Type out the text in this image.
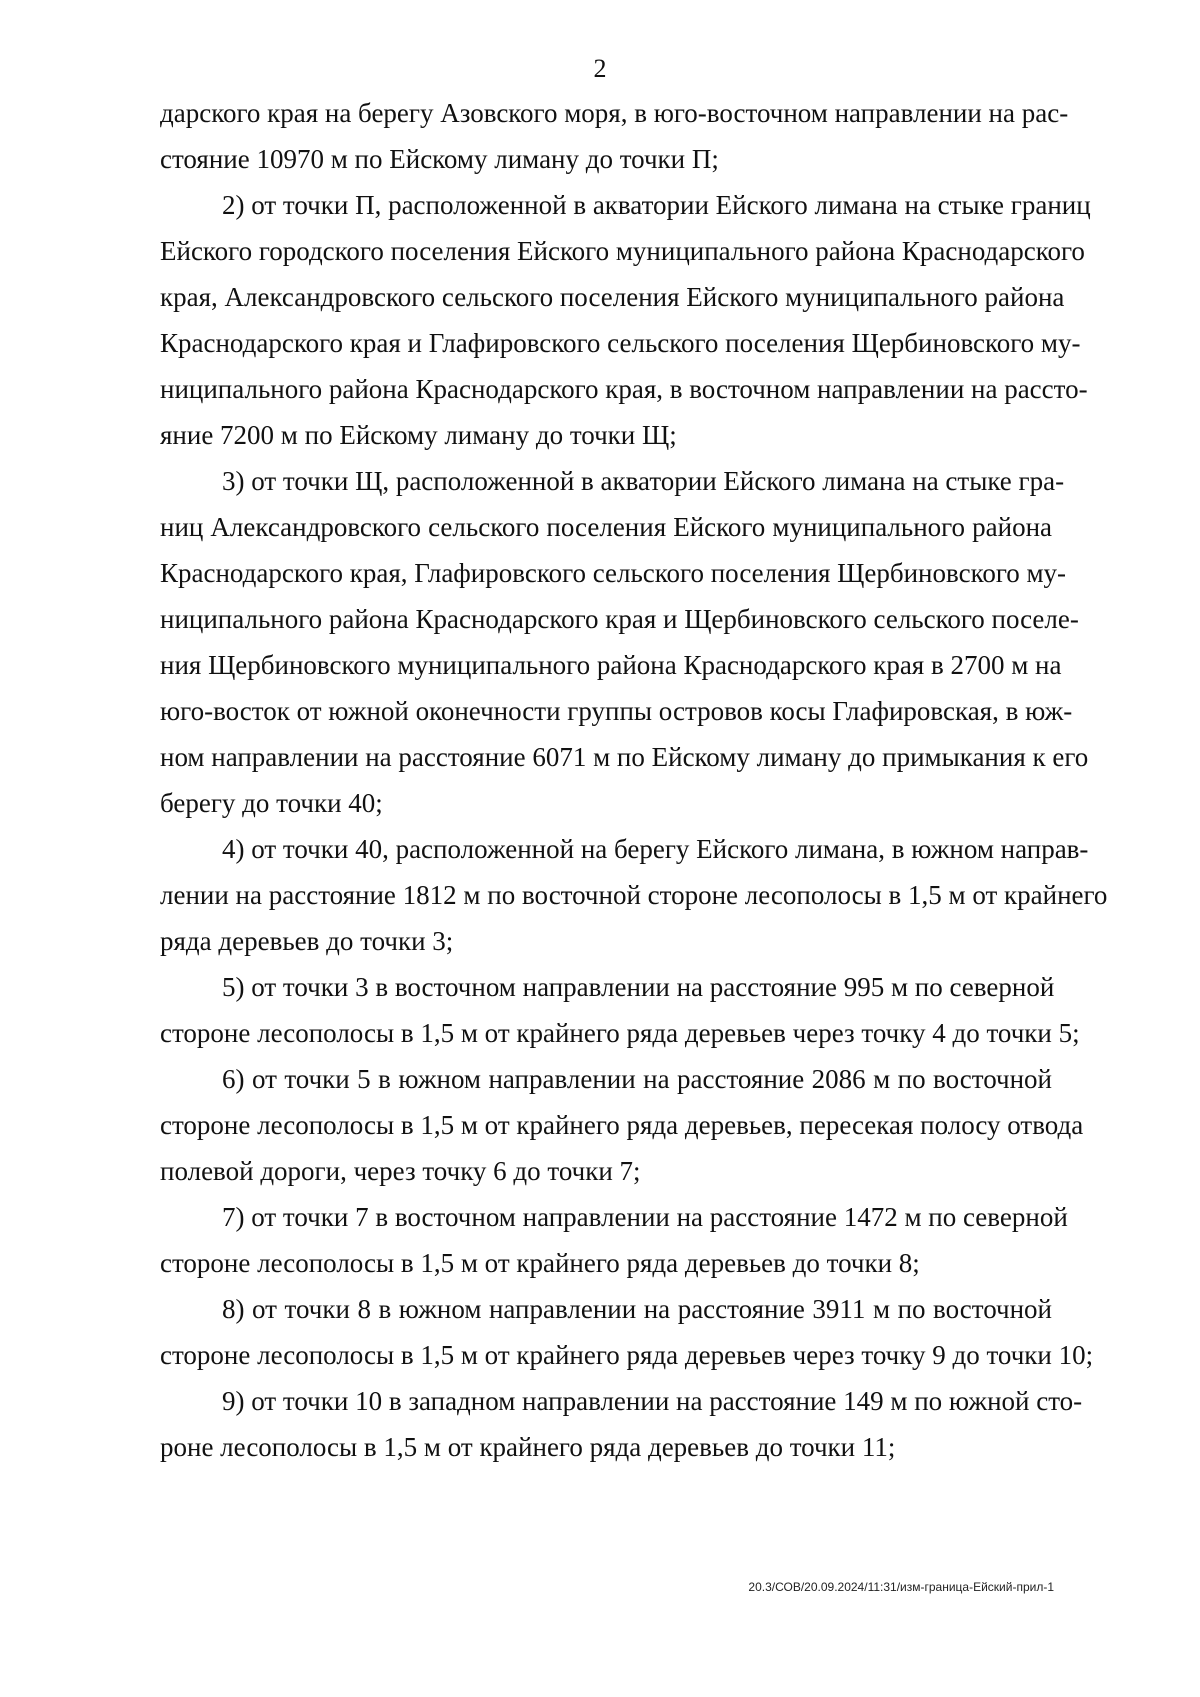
2
дарского края на берегу Азовского моря, в юго-восточном направлении на рас-
стояние 10970 м по Ейскому лиману до точки П;
2) от точки П, расположенной в акватории Ейского лимана на стыке границ
Ейского городского поселения Ейского муниципального района Краснодарского
края, Александровского сельского поселения Ейского муниципального района
Краснодарского края и Глафировского сельского поселения Щербиновского му-
ниципального района Краснодарского края, в восточном направлении на рассто-
яние 7200 м по Ейскому лиману до точки Щ;
3) от точки Щ, расположенной в акватории Ейского лимана на стыке гра-
ниц Александровского сельского поселения Ейского муниципального района
Краснодарского края, Глафировского сельского поселения Щербиновского му-
ниципального района Краснодарского края и Щербиновского сельского поселе-
ния Щербиновского муниципального района Краснодарского края в 2700 м на
юго-восток от южной оконечности группы островов косы Глафировская, в юж-
ном направлении на расстояние 6071 м по Ейскому лиману до примыкания к его
берегу до точки 40;
4) от точки 40, расположенной на берегу Ейского лимана, в южном направ-
лении на расстояние 1812 м по восточной стороне лесополосы в 1,5 м от крайнего
ряда деревьев до точки 3;
5) от точки 3 в восточном направлении на расстояние 995 м по северной
стороне лесополосы в 1,5 м от крайнего ряда деревьев через точку 4 до точки 5;
6) от точки 5 в южном направлении на расстояние 2086 м по восточной
стороне лесополосы в 1,5 м от крайнего ряда деревьев, пересекая полосу отвода
полевой дороги, через точку 6 до точки 7;
7) от точки 7 в восточном направлении на расстояние 1472 м по северной
стороне лесополосы в 1,5 м от крайнего ряда деревьев до точки 8;
8) от точки 8 в южном направлении на расстояние 3911 м по восточной
стороне лесополосы в 1,5 м от крайнего ряда деревьев через точку 9 до точки 10;
9) от точки 10 в западном направлении на расстояние 149 м по южной сто-
роне лесополосы в 1,5 м от крайнего ряда деревьев до точки 11;
20.3/СОВ/20.09.2024/11:31/изм-граница-Ейский-прил-1
